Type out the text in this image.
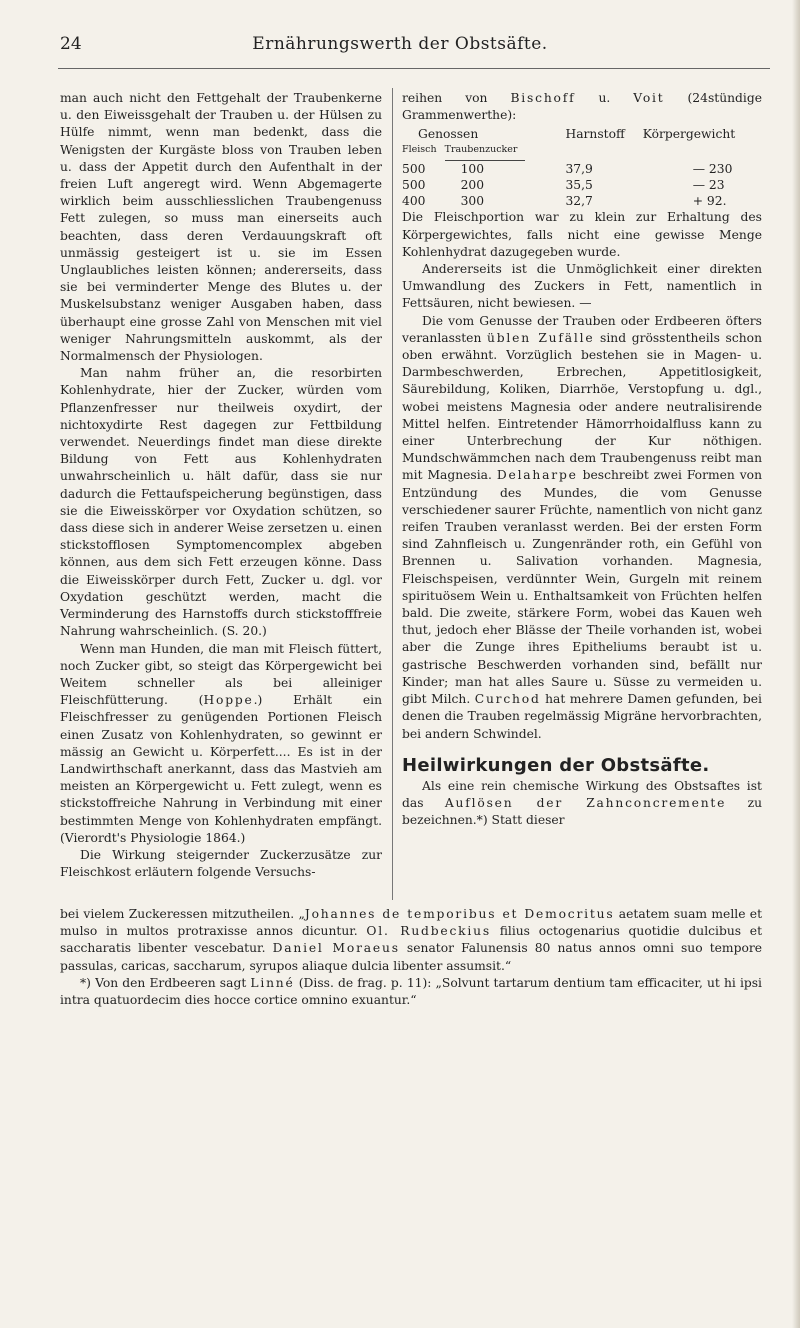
24	Ernährungswerth der Obstsäfte.

man auch nicht den Fettgehalt der Traubenkerne u. den Eiweissgehalt der Trauben u. der Hülsen zu Hülfe nimmt, wenn man bedenkt, dass die Wenigsten der Kurgäste bloss von Trauben leben u. dass der Appetit durch den Aufenthalt in der freien Luft angeregt wird. Wenn Abgemagerte wirklich beim ausschliesslichen Traubengenuss Fett zulegen, so muss man einerseits auch beachten, dass deren Verdauungskraft oft unmässig gesteigert ist u. sie im Essen Unglaubliches leisten können; andererseits, dass sie bei verminderter Menge des Blutes u. der Muskelsubstanz weniger Ausgaben haben, dass überhaupt eine grosse Zahl von Menschen mit viel weniger Nahrungsmitteln auskommt, als der Normalmensch der Physiologen.

Man nahm früher an, die resorbirten Kohlenhydrate, hier der Zucker, würden vom Pflanzenfresser nur theilweis oxydirt, der nichtoxydirte Rest dagegen zur Fettbildung verwendet. Neuerdings findet man diese direkte Bildung von Fett aus Kohlenhydraten unwahrscheinlich u. hält dafür, dass sie nur dadurch die Fettaufspeicherung begünstigen, dass sie die Eiweisskörper vor Oxydation schützen, so dass diese sich in anderer Weise zersetzen u. einen stickstofflosen Symptomencomplex abgeben können, aus dem sich Fett erzeugen könne. Dass die Eiweisskörper durch Fett, Zucker u. dgl. vor Oxydation geschützt werden, macht die Verminderung des Harnstoffs durch stickstofffreie Nahrung wahrscheinlich. (S. 20.)

Wenn man Hunden, die man mit Fleisch füttert, noch Zucker gibt, so steigt das Körpergewicht bei Weitem schneller als bei alleiniger Fleischfütterung. (Hoppe.) Erhält ein Fleischfresser zu genügenden Portionen Fleisch einen Zusatz von Kohlenhydraten, so gewinnt er mässig an Gewicht u. Körperfett.... Es ist in der Landwirthschaft anerkannt, dass das Mastvieh am meisten an Körpergewicht u. Fett zulegt, wenn es stickstoffreiche Nahrung in Verbindung mit einer bestimmten Menge von Kohlenhydraten empfängt. (Vierordt's Physiologie 1864.)

Die Wirkung steigernder Zuckerzusätze zur Fleischkost erläutern folgende Versuchs-

reihen von Bischoff u. Voit (24stündige Grammenwerthe):

Genossen		Harnstoff	Körpergewicht
Fleisch	Traubenzucker		
500	100	37,9	— 230
500	200	35,5	— 23
400	300	32,7	+ 92.

Die Fleischportion war zu klein zur Erhaltung des Körpergewichtes, falls nicht eine gewisse Menge Kohlenhydrat dazugegeben wurde.

Andererseits ist die Unmöglichkeit einer direkten Umwandlung des Zuckers in Fett, namentlich in Fettsäuren, nicht bewiesen. —

Die vom Genusse der Trauben oder Erdbeeren öfters veranlassten üblen Zufälle sind grösstentheils schon oben erwähnt. Vorzüglich bestehen sie in Magen- u. Darmbeschwerden, Erbrechen, Appetitlosigkeit, Säurebildung, Koliken, Diarrhöe, Verstopfung u. dgl., wobei meistens Magnesia oder andere neutralisirende Mittel helfen. Eintretender Hämorrhoidalfluss kann zu einer Unterbrechung der Kur nöthigen. Mundschwämmchen nach dem Traubengenuss reibt man mit Magnesia. Delaharpe beschreibt zwei Formen von Entzündung des Mundes, die vom Genusse verschiedener saurer Früchte, namentlich von nicht ganz reifen Trauben veranlasst werden. Bei der ersten Form sind Zahnfleisch u. Zungenränder roth, ein Gefühl von Brennen u. Salivation vorhanden. Magnesia, Fleischspeisen, verdünnter Wein, Gurgeln mit reinem spirituösem Wein u. Enthaltsamkeit von Früchten helfen bald. Die zweite, stärkere Form, wobei das Kauen weh thut, jedoch eher Blässe der Theile vorhanden ist, wobei aber die Zunge ihres Epitheliums beraubt ist u. gastrische Beschwerden vorhanden sind, befällt nur Kinder; man hat alles Saure u. Süsse zu vermeiden u. gibt Milch. Curchod hat mehrere Damen gefunden, bei denen die Trauben regelmässig Migräne hervorbrachten, bei andern Schwindel.

Heilwirkungen der Obstsäfte.

Als eine rein chemische Wirkung des Obstsaftes ist das Auflösen der Zahnconcremente zu bezeichnen.*) Statt dieser

bei vielem Zuckeressen mitzutheilen. „Johannes de temporibus et Democritus aetatem suam melle et mulso in multos protraxisse annos dicuntur. Ol. Rudbeckius filius octogenarius quotidie dulcibus et saccharatis libenter vescebatur. Daniel Moraeus senator Falunensis 80 natus annos omni suo tempore passulas, caricas, saccharum, syrupos aliaque dulcia libenter assumsit.“

*) Von den Erdbeeren sagt Linné (Diss. de frag. p. 11): „Solvunt tartarum dentium tam efficaciter, ut hi ipsi intra quatuordecim dies hocce cortice omnino exuantur.“
